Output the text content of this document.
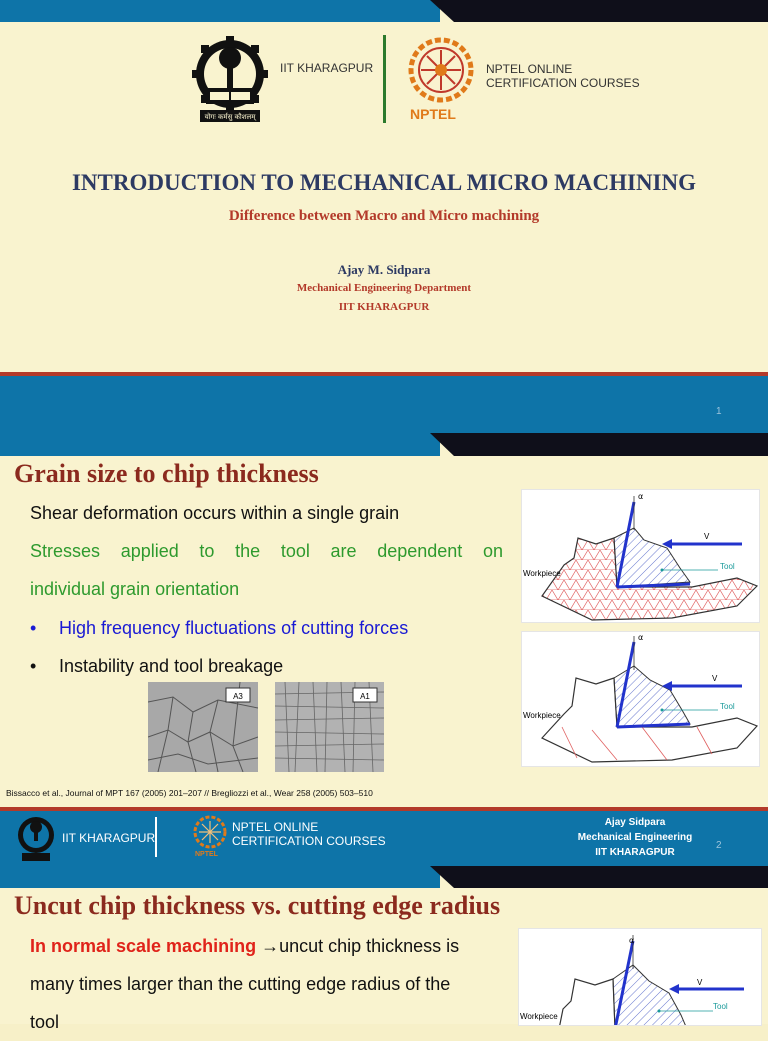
योगः कर्मसु कौशलम्
IIT KHARAGPUR
NPTEL
NPTEL ONLINE
CERTIFICATION COURSES
INTRODUCTION TO MECHANICAL MICRO MACHINING
Difference between Macro and Micro machining
Ajay M. Sidpara
Mechanical Engineering Department
IIT KHARAGPUR
1
Grain size to chip thickness
Shear deformation occurs within a single grain
Stresses applied to the tool are dependent on
individual grain orientation
• High frequency fluctuations of cutting forces
• Instability and tool breakage
A3	A1
α
V
Tool
Workpiece
α
V
Tool
Workpiece
Bissacco et al., Journal of MPT 167 (2005) 201–207 // Bregliozzi et al., Wear 258 (2005) 503–510
IIT KHARAGPUR
NPTEL
NPTEL ONLINE
CERTIFICATION COURSES
Ajay Sidpara
Mechanical Engineering
IIT KHARAGPUR
2
Uncut chip thickness vs. cutting edge radius
In normal scale machining →uncut chip thickness is
many times larger than the cutting edge radius of the
tool
α
V
Tool
Workpiece
